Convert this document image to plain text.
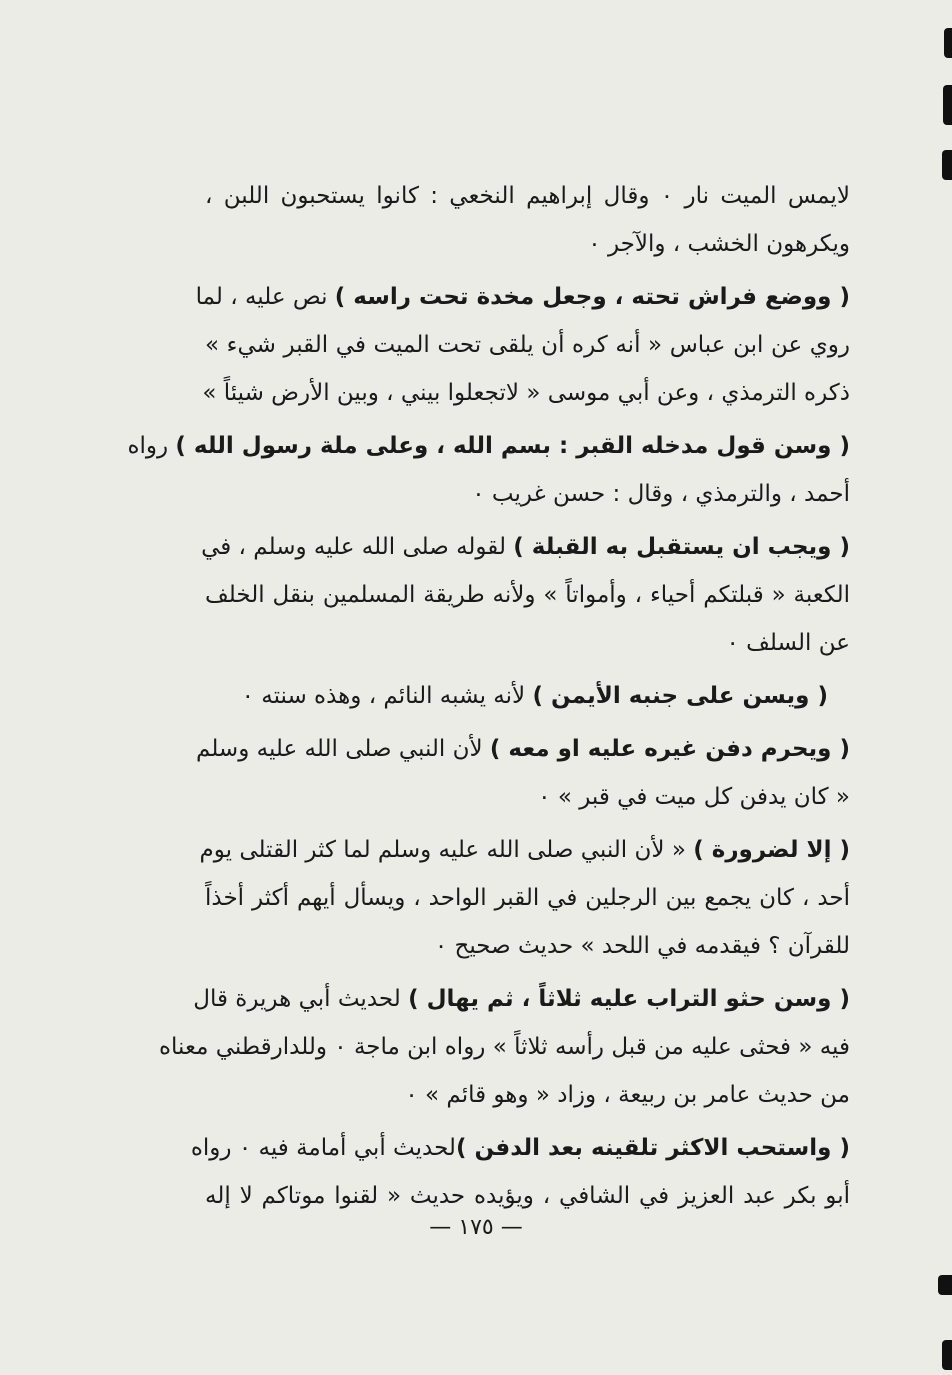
لايمس الميت نار ٠ وقال إبراهيم النخعي : كانوا يستحبون اللبن ،
ويكرهون الخشب ، والآجر ٠
( ووضع فراش تحته ، وجعل مخدة تحت راسه ) نص عليه ، لما
روي عن ابن عباس « أنه كره أن يلقى تحت الميت في القبر شيء »
ذكره الترمذي ، وعن أبي موسى « لاتجعلوا بيني ، وبين الأرض شيئاً »
( وسن قول مدخله القبر : بسم الله ، وعلى ملة رسول الله ) رواه
أحمد ، والترمذي ، وقال : حسن غريب ٠
( ويجب ان يستقبل به القبلة ) لقوله صلى الله عليه وسلم ، في
الكعبة « قبلتكم أحياء ، وأمواتاً » ولأنه طريقة المسلمين بنقل الخلف
عن السلف ٠
( ويسن على جنبه الأيمن ) لأنه يشبه النائم ، وهذه سنته ٠
( ويحرم دفن غيره عليه او معه ) لأن النبي صلى الله عليه وسلم
« كان يدفن كل ميت في قبر » ٠
( إلا لضرورة ) « لأن النبي صلى الله عليه وسلم لما كثر القتلى يوم
أحد ، كان يجمع بين الرجلين في القبر الواحد ، ويسأل أيهم أكثر أخذاً
للقرآن ؟ فيقدمه في اللحد » حديث صحيح ٠
( وسن حثو التراب عليه ثلاثاً ، ثم يهال ) لحديث أبي هريرة قال
فيه « فحثى عليه من قبل رأسه ثلاثاً » رواه ابن ماجة ٠ وللدارقطني معناه
من حديث عامر بن ربيعة ، وزاد « وهو قائم » ٠
( واستحب الاكثر تلقينه بعد الدفن )لحديث أبي أمامة فيه ٠ رواه
أبو بكر عبد العزيز في الشافي ، ويؤيده حديث « لقنوا موتاكم لا إله
— ١٧٥ —
